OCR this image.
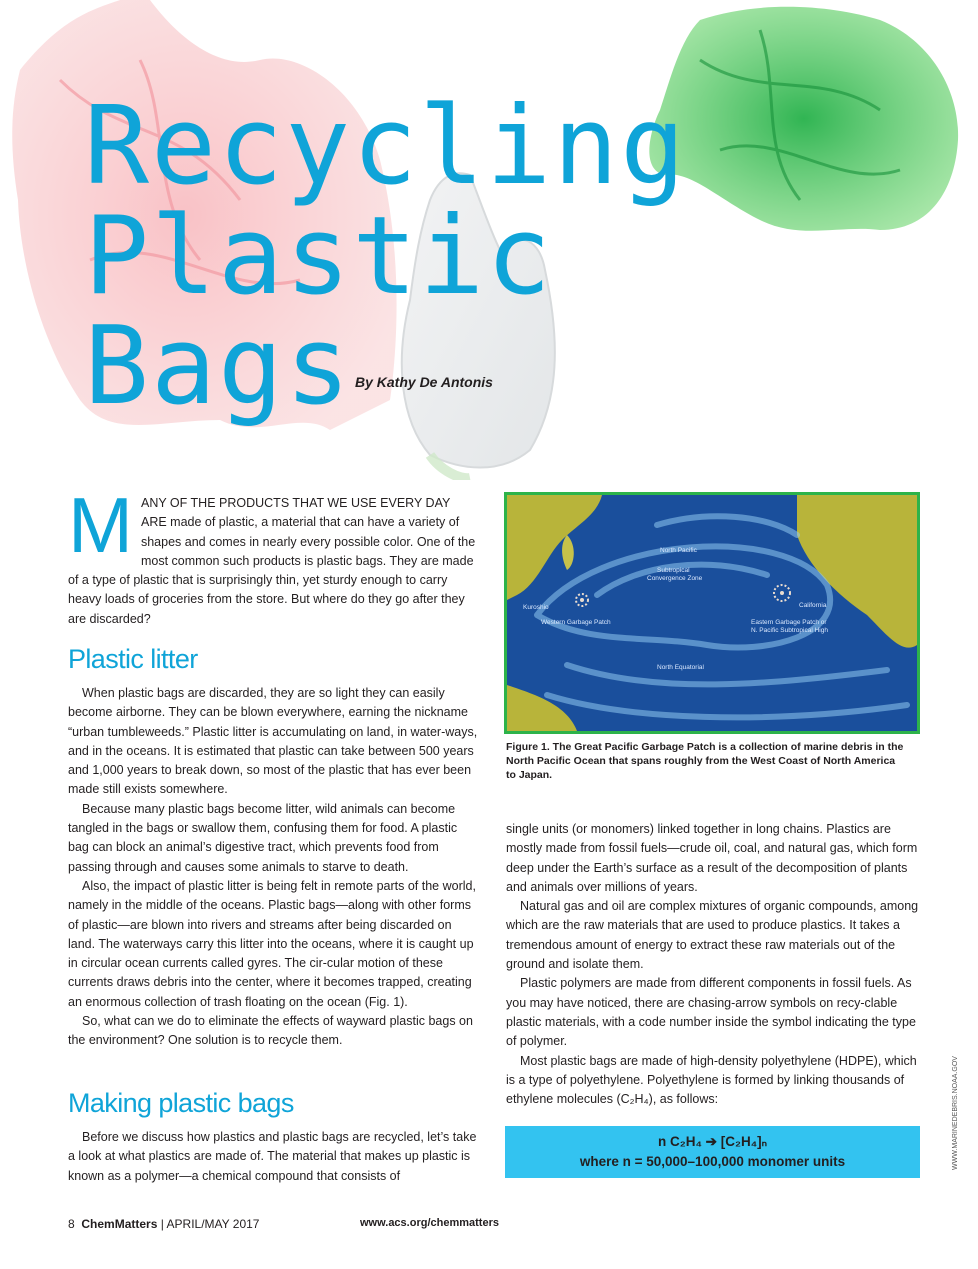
Recycling
Plastic
Bags By Kathy De Antonis
MANY OF THE PRODUCTS THAT WE USE EVERY DAY ARE made of plastic, a material that can have a variety of shapes and comes in nearly every possible color. One of the most common such products is plastic bags. They are made of a type of plastic that is surprisingly thin, yet sturdy enough to carry heavy loads of groceries from the store. But where do they go after they are discarded?
Plastic litter

When plastic bags are discarded, they are so light they can easily become airborne. They can be blown everywhere, earning the nickname “urban tumbleweeds.” Plastic litter is accumulating on land, in water-ways, and in the oceans. It is estimated that plastic can take between 500 years and 1,000 years to break down, so most of the plastic that has ever been made still exists somewhere.

Because many plastic bags become litter, wild animals can become tangled in the bags or swallow them, confusing them for food. A plastic bag can block an animal’s digestive tract, which prevents food from passing through and causes some animals to starve to death.

Also, the impact of plastic litter is being felt in remote parts of the world, namely in the middle of the oceans. Plastic bags—along with other forms of plastic—are blown into rivers and streams after being discarded on land. The waterways carry this litter into the oceans, where it is caught up in circular ocean currents called gyres. The cir-cular motion of these currents draws debris into the center, where it becomes trapped, creating an enormous collection of trash floating on the ocean (Fig. 1).

So, what can we do to eliminate the effects of wayward plastic bags on the environment? One solution is to recycle them.

Making plastic bags

Before we discuss how plastics and plastic bags are recycled, let’s take a look at what plastics are made of. The material that makes up plastic is known as a polymer—a chemical compound that consists of

North Pacific
Subtropical
Convergence Zone
Kuroshio
Western Garbage Patch
California
Eastern Garbage Patch or
N. Pacific Subtropical High
North Equatorial
Figure 1. The Great Pacific Garbage Patch is a collection of marine debris in the North Pacific Ocean that spans roughly from the West Coast of North America to Japan.

single units (or monomers) linked together in long chains. Plastics are mostly made from fossil fuels—crude oil, coal, and natural gas, which form deep under the Earth’s surface as a result of the decomposition of plants and animals over millions of years.

Natural gas and oil are complex mixtures of organic compounds, among which are the raw materials that are used to produce plastics. It takes a tremendous amount of energy to extract these raw materials out of the ground and isolate them.

Plastic polymers are made from different components in fossil fuels. As you may have noticed, there are chasing-arrow symbols on recy-clable plastic materials, with a code number inside the symbol indicating the type of polymer.

Most plastic bags are made of high-density polyethylene (HDPE), which is a type of polyethylene. Polyethylene is formed by linking thousands of ethylene molecules (C₂H₄), as follows:

n C₂H₄ ➔ [C₂H₄]ₙ
where n = 50,000–100,000 monomer units	WWW.MARINEDEBRIS.NOAA.GOV
8 ChemMatters | APRIL/MAY 2017	www.acs.org/chemmatters
